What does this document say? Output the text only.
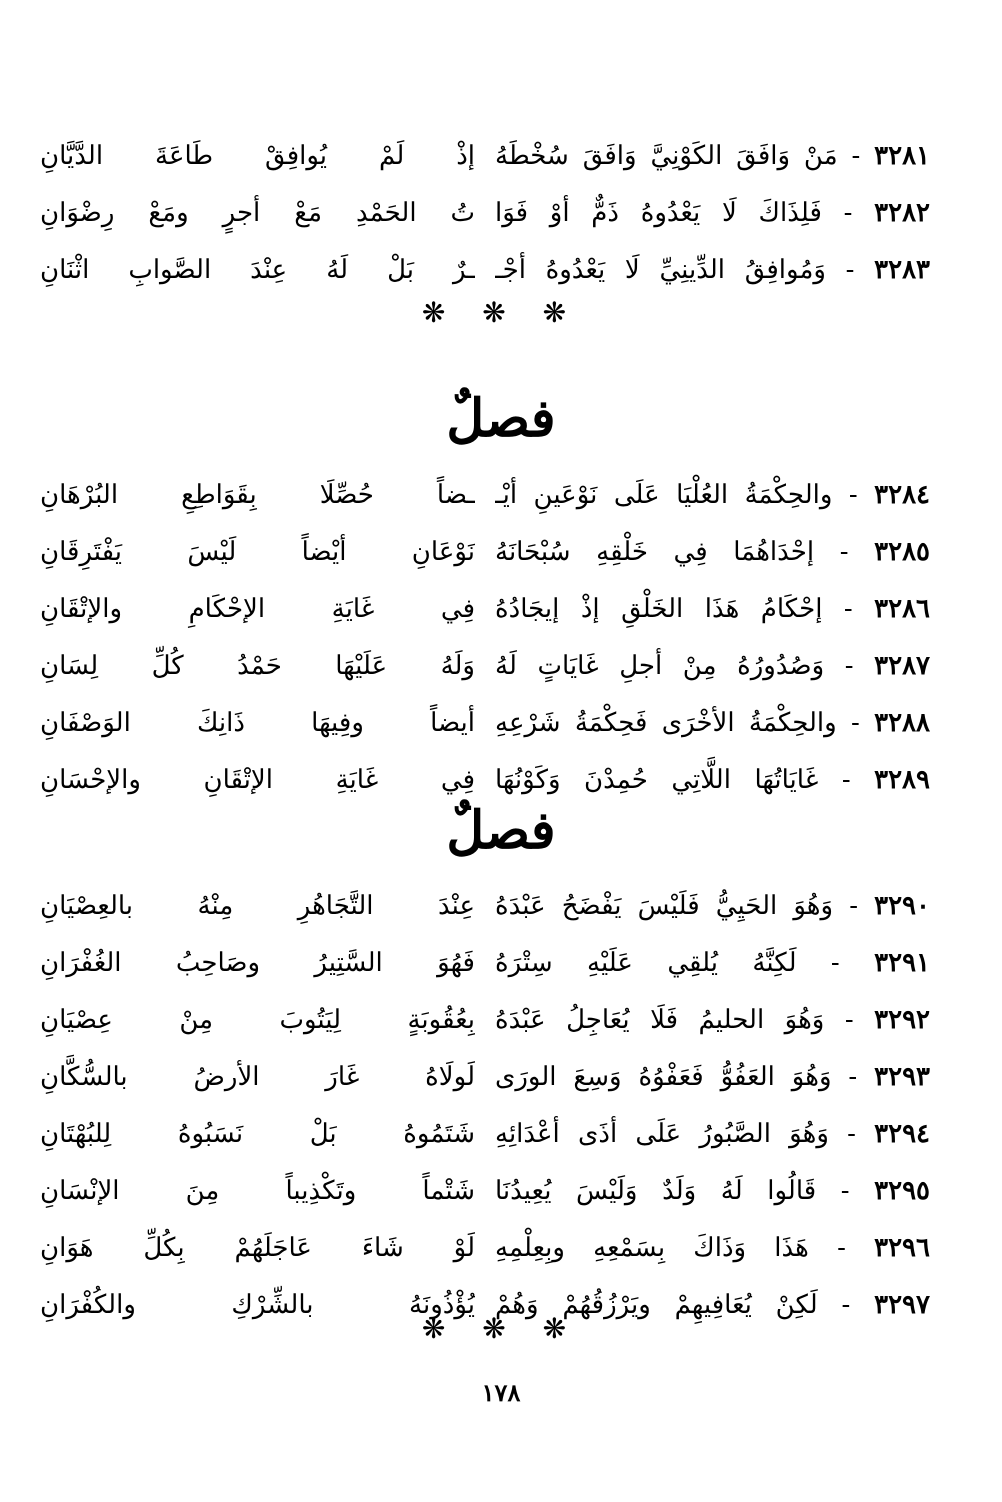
٣٢٨١ - مَنْ وَافَقَ الكَوْنِيَّ وَافَقَ سُخْطَهُ
إذْ لَمْ يُوافِقْ طَاعَةَ الدَّيَّانِ
٣٢٨٢ - فَلِذَاكَ لَا يَعْدُوهُ ذَمٌّ أوْ فَوَا
تُ الحَمْدِ مَعْ أجرٍ ومَعْ رِضْوَانِ
٣٢٨٣ - وَمُوافِقُ الدِّينِيِّ لَا يَعْدُوهُ أجْـ
ـرٌ بَلْ لَهُ عِنْدَ الصَّوابِ اثْنَانِ
❋ ❋ ❋
فصلٌ
٣٢٨٤ - والحِكْمَةُ العُلْيَا عَلَى نَوْعَينِ أيْـ
ـضاً حُصِّلَا بِقَوَاطِعِ البُرْهَانِ
٣٢٨٥ - إحْدَاهُمَا فِي خَلْقِهِ سُبْحَانَهُ
نَوْعَانِ أيْضاً لَيْسَ يَفْتَرِقَانِ
٣٢٨٦ - إحْكَامُ هَذَا الخَلْقِ إذْ إيجَادُهُ
فِي غَايَةِ الإحْكَامِ والإتْقَانِ
٣٢٨٧ - وَصُدُورُهُ مِنْ أجلِ غَايَاتٍ لَهُ
وَلَهُ عَلَيْهَا حَمْدُ كُلِّ لِسَانِ
٣٢٨٨ - والحِكْمَةُ الأخْرَى فَحِكْمَةُ شَرْعِهِ
أيضاً وفِيهَا ذَانِكَ الوَصْفَانِ
٣٢٨٩ - غَايَاتُهَا اللَّاتِي حُمِدْنَ وَكَوْنُهَا
فِي غَايَةِ الإتْقَانِ والإحْسَانِ
فصلٌ
٣٢٩٠ - وَهُوَ الحَيِيُّ فَلَيْسَ يَفْضَحُ عَبْدَهُ
عِنْدَ التَّجَاهُرِ مِنْهُ بالعِصْيَانِ
٣٢٩١ - لَكِنَّهُ يُلقِي عَلَيْهِ سِتْرَهُ
فَهُوَ السَّتِيرُ وصَاحِبُ الغُفْرَانِ
٣٢٩٢ - وَهُوَ الحليمُ فَلَا يُعَاجِلُ عَبْدَهُ
بِعُقُوبَةٍ لِيَتُوبَ مِنْ عِصْيَانِ
٣٢٩٣ - وَهُوَ العَفُوُّ فَعَفْوُهُ وَسِعَ الورَى
لَولَاهُ غَارَ الأرضُ بالسُّكَّانِ
٣٢٩٤ - وَهُوَ الصَّبُورُ عَلَى أذَى أعْدَائِهِ
شَتَمُوهُ بَلْ نَسَبُوهُ لِلبُهْتَانِ
٣٢٩٥ - قَالُوا لَهُ وَلَدٌ وَلَيْسَ يُعِيدُنَا
شَتْماً وتَكْذِيباً مِنَ الإنْسَانِ
٣٢٩٦ - هَذَا وَذَاكَ بِسَمْعِهِ وبِعِلْمِهِ
لَوْ شَاءَ عَاجَلَهُمْ بِكُلِّ هَوَانِ
٣٢٩٧ - لَكِنْ يُعَافِيهِمْ ويَرْزُقُهُمْ وَهُمْ
يُؤْذُونَهُ بالشِّرْكِ والكُفْرَانِ
❋ ❋ ❋
١٧٨
